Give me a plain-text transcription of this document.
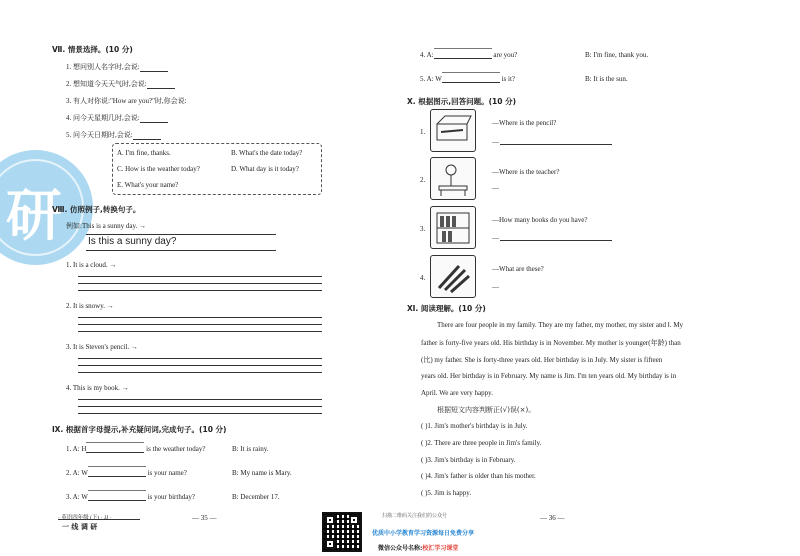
研
Ⅶ. 情景选择。(10 分)
1. 想问别人名字时,会说:
2. 想知道今天天气时,会说:
3. 有人对你说:"How are you?"时,你会说:
4. 问今天星期几时,会说:
5. 问今天日期时,会说:
A. I'm fine, thanks.	B. What's the date today?
C. How is the weather today?	D. What day is it today?
E. What's your name?
Ⅷ. 仿照例子,转换句子。
例如:This is a sunny day. →
Is this a sunny day?
1. It is a cloud. →
2. It is snowy. →
3. It is Steven's pencil. →
4. This is my book. →
Ⅸ. 根据首字母提示,补充疑问词,完成句子。(10 分)
1. A: H	is the weather today?	B: It is rainy.
2. A: W	is your name?	B: My name is Mary.
3. A: W	is your birthday?	B: December 17.
· 英语四年级 (下) · JJ ·
一 线 调 研
— 35 —	扫描二维码关注我们的公众号
优质中小学教育学习资源每日免费分享
微信公众号名称:校汇学习课堂
4. A:	are you?	B: I'm fine, thank you.
5. A: W	is it?	B: It is the sun.
Ⅹ. 根据图示,回答问题。(10 分)
1.
—Where is the pencil?
—
2.
—Where is the teacher?
—
3.
—How many books do you have?
—
4.
—What are these?
—
Ⅺ. 阅读理解。(10 分)
There are four people in my family. They are my father, my mother, my sister and Ⅰ. My
father is forty-five years old. His birthday is in November. My mother is younger(年龄) than
(比) my father. She is forty-three years old. Her birthday is in July. My sister is fifteen
years old. Her birthday is in February. My name is Jim. I'm ten years old. My birthday is in
April. We are very happy.
根据短文内容判断正(√)误(×)。
( )1. Jim's mother's birthday is in July.
( )2. There are three people in Jim's family.
( )3. Jim's birthday is in February.
( )4. Jim's father is older than his mother.
( )5. Jim is happy.
— 36 —
